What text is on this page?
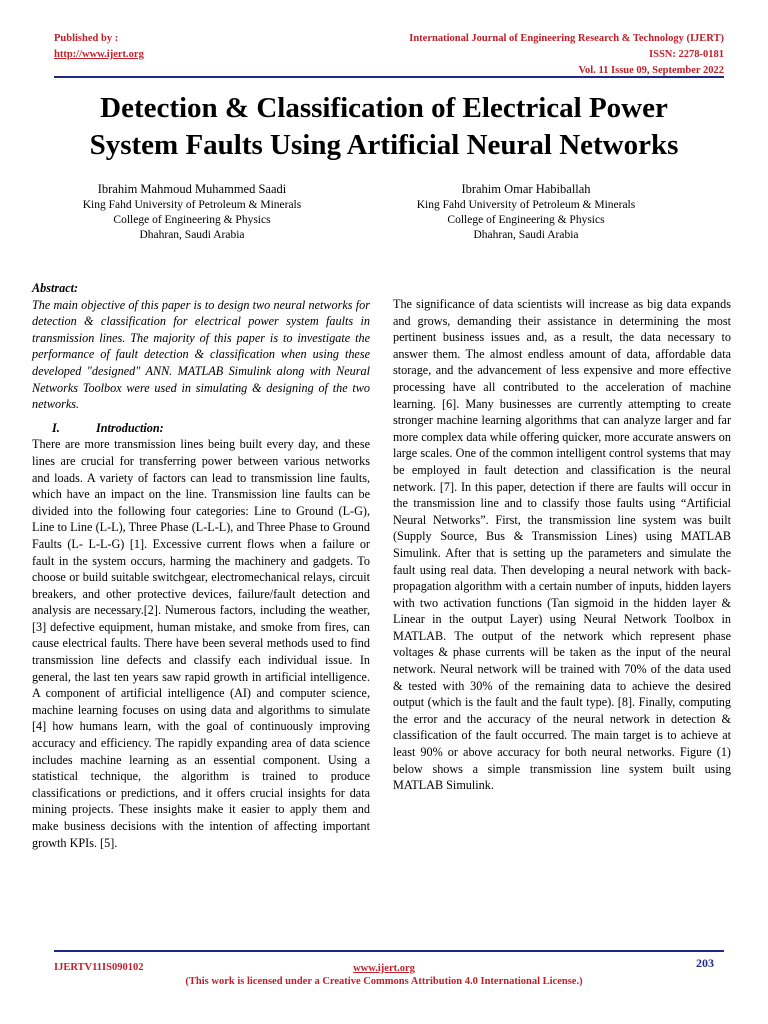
Published by :
http://www.ijert.org
International Journal of Engineering Research & Technology (IJERT)
ISSN: 2278-0181
Vol. 11 Issue 09, September 2022
Detection & Classification of Electrical Power
System Faults Using Artificial Neural Networks
Ibrahim Mahmoud Muhammed Saadi
King Fahd University of Petroleum & Minerals
College of Engineering & Physics
Dhahran, Saudi Arabia
Ibrahim Omar Habiballah
King Fahd University of Petroleum & Minerals
College of Engineering & Physics
Dhahran, Saudi Arabia

Abstract:

The main objective of this paper is to design two neural networks for detection & classification for electrical power system faults in transmission lines. The majority of this paper is to investigate the performance of fault detection & classification when using these developed "designed" ANN. MATLAB Simulink along with Neural Networks Toolbox were used in simulating & designing of the two networks.

I.	Introduction:

There are more transmission lines being built every day, and these lines are crucial for transferring power between various networks and loads. A variety of factors can lead to transmission line faults, which have an impact on the line. Transmission line faults can be divided into the following four categories: Line to Ground (L-G), Line to Line (L-L), Three Phase (L-L-L), and Three Phase to Ground Faults (L- L-L-G) [1]. Excessive current flows when a failure or fault in the system occurs, harming the machinery and gadgets. To choose or build suitable switchgear, electromechanical relays, circuit breakers, and other protective devices, failure/fault detection and analysis are necessary.[2]. Numerous factors, including the weather, [3] defective equipment, human mistake, and smoke from fires, can cause electrical faults. There have been several methods used to find transmission line defects and classify each individual issue. In general, the last ten years saw rapid growth in artificial intelligence. A component of artificial intelligence (AI) and computer science, machine learning focuses on using data and algorithms to simulate [4] how humans learn, with the goal of continuously improving accuracy and efficiency. The rapidly expanding area of data science includes machine learning as an essential component. Using a statistical technique, the algorithm is trained to produce classifications or predictions, and it offers crucial insights for data mining projects. These insights make it easier to apply them and make business decisions with the intention of affecting important growth KPIs. [5].

The significance of data scientists will increase as big data expands and grows, demanding their assistance in determining the most pertinent business issues and, as a result, the data necessary to answer them. The almost endless amount of data, affordable data storage, and the advancement of less expensive and more effective processing have all contributed to the acceleration of machine learning. [6]. Many businesses are currently attempting to create stronger machine learning algorithms that can analyze larger and far more complex data while offering quicker, more accurate answers on large scales. One of the common intelligent control systems that may be employed in fault detection and classification is the neural network. [7]. In this paper, detection if there are faults will occur in the transmission line and to classify those faults using “Artificial Neural Networks”. First, the transmission line system was built (Supply Source, Bus & Transmission Lines) using MATLAB Simulink. After that is setting up the parameters and simulate the fault using real data. Then developing a neural network with back-propagation algorithm with a certain number of inputs, hidden layers with two activation functions (Tan sigmoid in the hidden layer & Linear in the output Layer) using Neural Network Toolbox in MATLAB. The output of the network which represent phase voltages & phase currents will be taken as the input of the neural network. Neural network will be trained with 70% of the data used & tested with 30% of the remaining data to achieve the desired output (which is the fault and the fault type). [8]. Finally, computing the error and the accuracy of the neural network in detection & classification of the fault occurred. The main target is to achieve at least 90% or above accuracy for both neural networks. Figure (1) below shows a simple transmission line system built using MATLAB Simulink.

IJERTV11IS090102	www.ijert.org
(This work is licensed under a Creative Commons Attribution 4.0 International License.)
203
